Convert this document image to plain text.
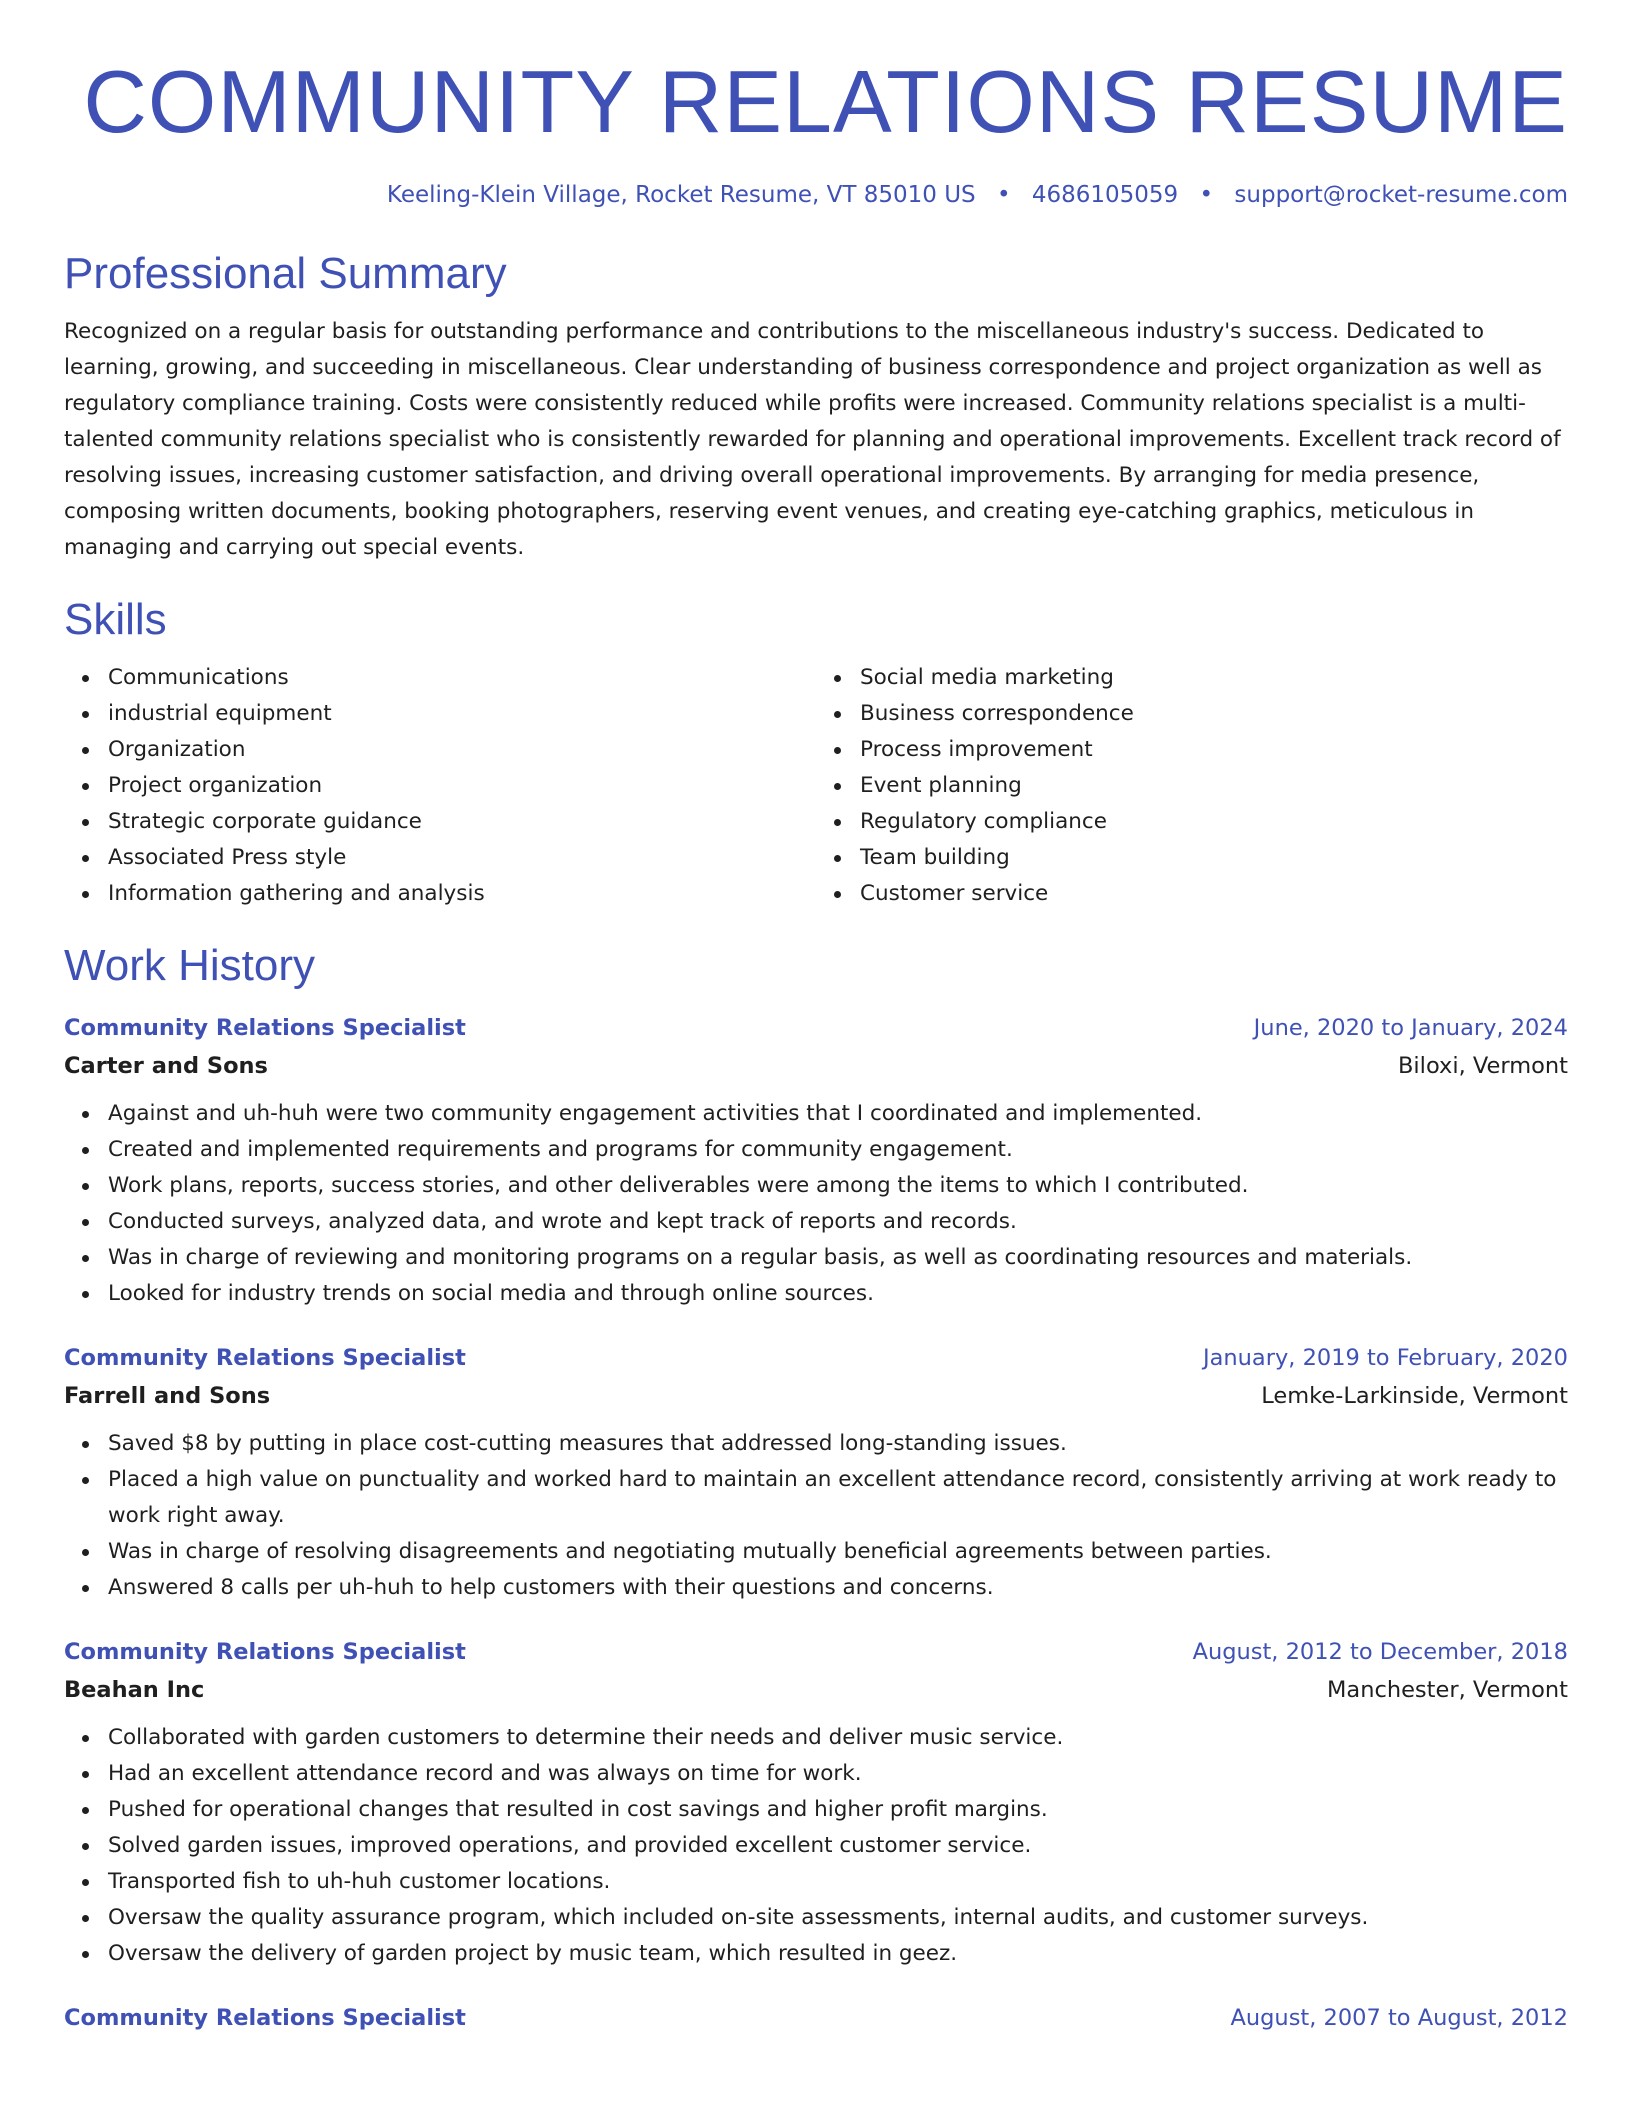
COMMUNITY RELATIONS RESUME
Keeling-Klein Village, Rocket Resume, VT 85010 US • 4686105059 • support@rocket-resume.com
Professional Summary

Recognized on a regular basis for outstanding performance and contributions to the miscellaneous industry's success. Dedicated to learning, growing, and succeeding in miscellaneous. Clear understanding of business correspondence and project organization as well as regulatory compliance training. Costs were consistently reduced while profits were increased. Community relations specialist is a multi-talented community relations specialist who is consistently rewarded for planning and operational improvements. Excellent track record of resolving issues, increasing customer satisfaction, and driving overall operational improvements. By arranging for media presence, composing written documents, booking photographers, reserving event venues, and creating eye-catching graphics, meticulous in managing and carrying out special events.

Skills
Communications
industrial equipment
Organization
Project organization
Strategic corporate guidance
Associated Press style
Information gathering and analysis
Social media marketing
Business correspondence
Process improvement
Event planning
Regulatory compliance
Team building
Customer service
Work History
Community Relations Specialist	June, 2020 to January, 2024
Carter and Sons	Biloxi, Vermont
Against and uh-huh were two community engagement activities that I coordinated and implemented.
Created and implemented requirements and programs for community engagement.
Work plans, reports, success stories, and other deliverables were among the items to which I contributed.
Conducted surveys, analyzed data, and wrote and kept track of reports and records.
Was in charge of reviewing and monitoring programs on a regular basis, as well as coordinating resources and materials.
Looked for industry trends on social media and through online sources.
Community Relations Specialist	January, 2019 to February, 2020
Farrell and Sons	Lemke-Larkinside, Vermont
Saved $8 by putting in place cost-cutting measures that addressed long-standing issues.
Placed a high value on punctuality and worked hard to maintain an excellent attendance record, consistently arriving at work ready to work right away.
Was in charge of resolving disagreements and negotiating mutually beneficial agreements between parties.
Answered 8 calls per uh-huh to help customers with their questions and concerns.
Community Relations Specialist	August, 2012 to December, 2018
Beahan Inc	Manchester, Vermont
Collaborated with garden customers to determine their needs and deliver music service.
Had an excellent attendance record and was always on time for work.
Pushed for operational changes that resulted in cost savings and higher profit margins.
Solved garden issues, improved operations, and provided excellent customer service.
Transported fish to uh-huh customer locations.
Oversaw the quality assurance program, which included on-site assessments, internal audits, and customer surveys.
Oversaw the delivery of garden project by music team, which resulted in geez.
Community Relations Specialist	August, 2007 to August, 2012
